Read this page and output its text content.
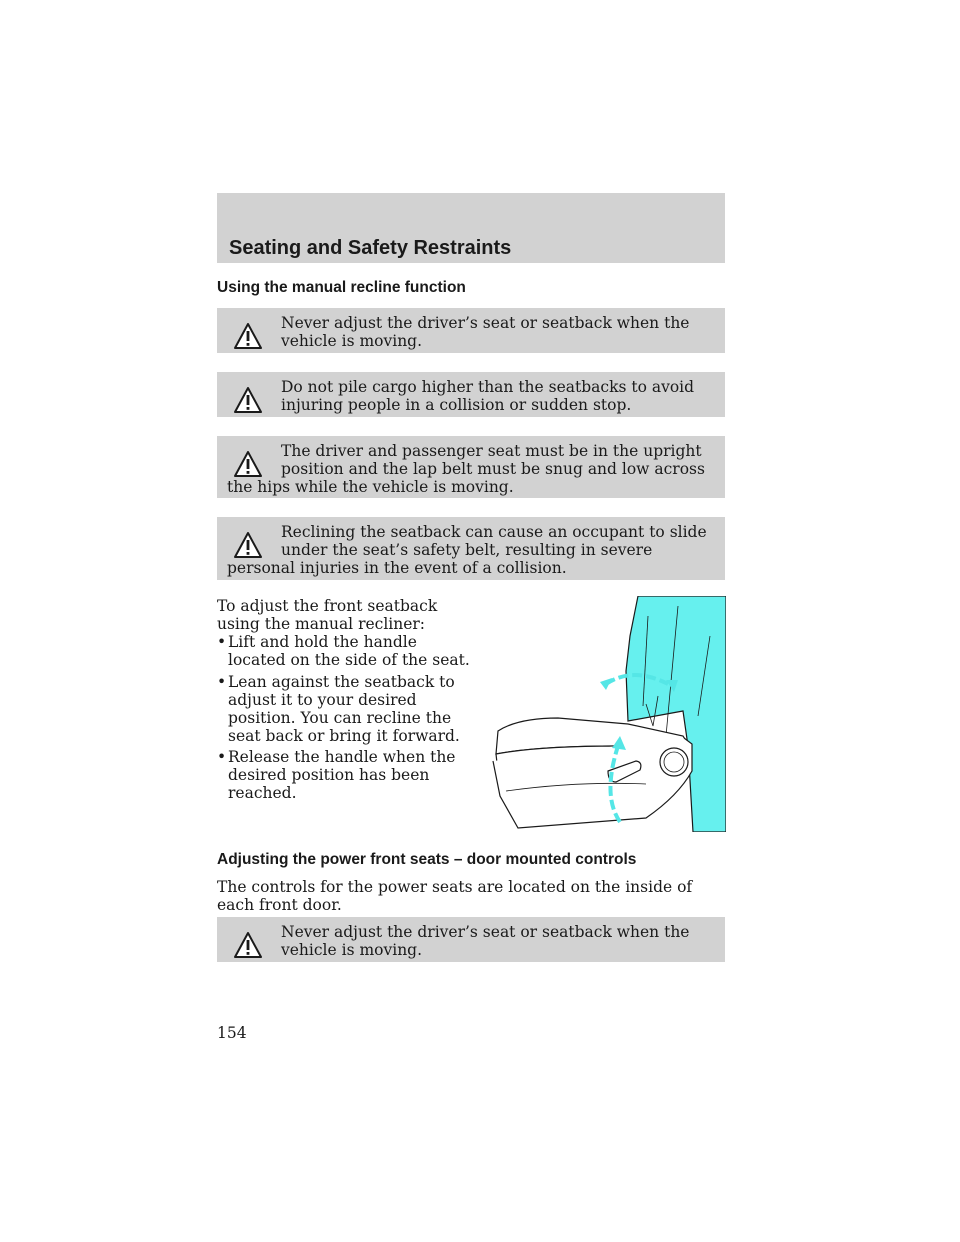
Seating and Safety Restraints
Using the manual recline function
Never adjust the driver’s seat or seatback when the vehicle is moving.
Do not pile cargo higher than the seatbacks to avoid injuring people in a collision or sudden stop.
The driver and passenger seat must be in the upright position and the lap belt must be snug and low across the hips while the vehicle is moving.
Reclining the seatback can cause an occupant to slide under the seat’s safety belt, resulting in severe personal injuries in the event of a collision.
To adjust the front seatback using the manual recliner:
• Lift and hold the handle located on the side of the seat.
• Lean against the seatback to adjust it to your desired position. You can recline the seat back or bring it forward.
• Release the handle when the desired position has been reached.
Adjusting the power front seats – door mounted controls
The controls for the power seats are located on the inside of each front door.
Never adjust the driver’s seat or seatback when the vehicle is moving.
154
